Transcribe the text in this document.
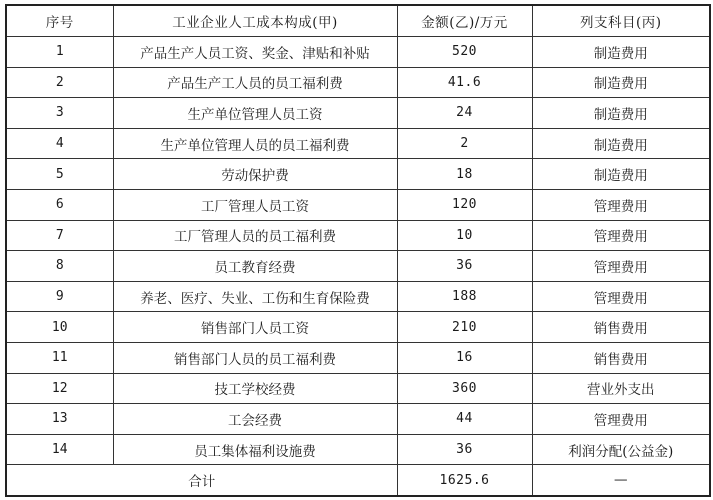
序号	工业企业人工成本构成(甲)	金额(乙)/万元	列支科目(丙)
1	产品生产人员工资、奖金、津贴和补贴	520	制造费用
2	产品生产工人员的员工福利费	41.6	制造费用
3	生产单位管理人员工资	24	制造费用
4	生产单位管理人员的员工福利费	2	制造费用
5	劳动保护费	18	制造费用
6	工厂管理人员工资	120	管理费用
7	工厂管理人员的员工福利费	10	管理费用
8	员工教育经费	36	管理费用
9	养老、医疗、失业、工伤和生育保险费	188	管理费用
10	销售部门人员工资	210	销售费用
11	销售部门人员的员工福利费	16	销售费用
12	技工学校经费	360	营业外支出
13	工会经费	44	管理费用
14	员工集体福利设施费	36	利润分配(公益金)
合计		1625.6	—
